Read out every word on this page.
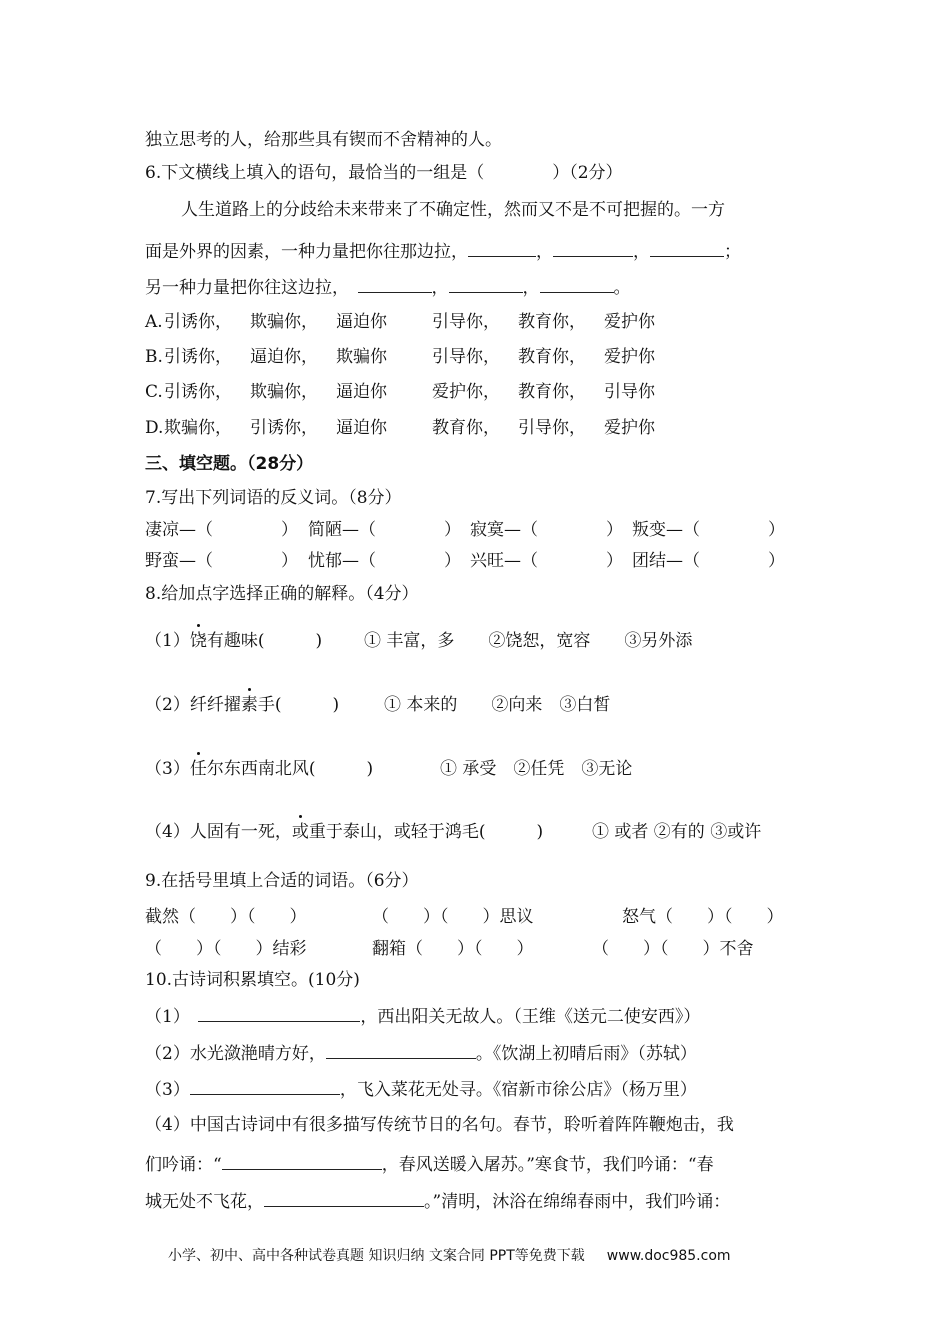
独立思考的人，给那些具有锲而不舍精神的人。
6.下文横线上填入的语句，最恰当的一组是（　　　　）（2分）
人生道路上的分歧给未来带来了不确定性，然而又不是不可把握的。一方
面是外界的因素，一种力量把你往那边拉，	，	，	；
另一种力量把你往这边拉，　	，	，	。
A. 引诱你， 欺骗你， 逼迫你	引导你， 教育你， 爱护你
B. 引诱你， 逼迫你， 欺骗你	引导你， 教育你， 爱护你
C. 引诱你， 欺骗你， 逼迫你	爱护你， 教育你， 引导你
D. 欺骗你， 引诱你， 逼迫你	教育你， 引导你， 爱护你
三、填空题。（28分）
7.写出下列词语的反义词。（8分）
凄凉—（　　　　） 简陋—（　　　　） 寂寞—（　　　　） 叛变—（　　　　）
野蛮—（　　　　） 忧郁—（　　　　） 兴旺—（　　　　） 团结—（　　　　）
8.给加点字选择正确的解释。（4分）
（1）饶有趣味(　　　) ① 丰富，多　　②饶恕，宽容　　③另外添
（2）纤纤擢素手(　　　)	① 本来的　　②向来　③白皙
（3）任尔东西南北风(　　　)	① 承受　②任凭　③无论
（4）人固有一死，或重于泰山，或轻于鸿毛(　　　)	① 或者 ②有的 ③或许
9.在括号里填上合适的词语。（6分）
截然（　　）（　　）	（　　）（　　）思议	怒气（　　）（　　）
（　　）（　　）结彩	翻箱（　　）（　　）	（　　）（　　）不舍
10.古诗词积累填空。(10分)
（1）　	，西出阳关无故人。（王维《送元二使安西》）
（2）水光潋滟晴方好，	。《饮湖上初晴后雨》（苏轼）
（3）	，飞入菜花无处寻。《宿新市徐公店》（杨万里）
（4）中国古诗词中有很多描写传统节日的名句。春节，聆听着阵阵鞭炮击，我
们吟诵：“	，春风送暖入屠苏。”寒食节，我们吟诵：“春
城无处不飞花，	。”清明，沐浴在绵绵春雨中，我们吟诵：
小学、初中、高中各种试卷真题 知识归纳 文案合同 PPT等免费下载 www.doc985.com
